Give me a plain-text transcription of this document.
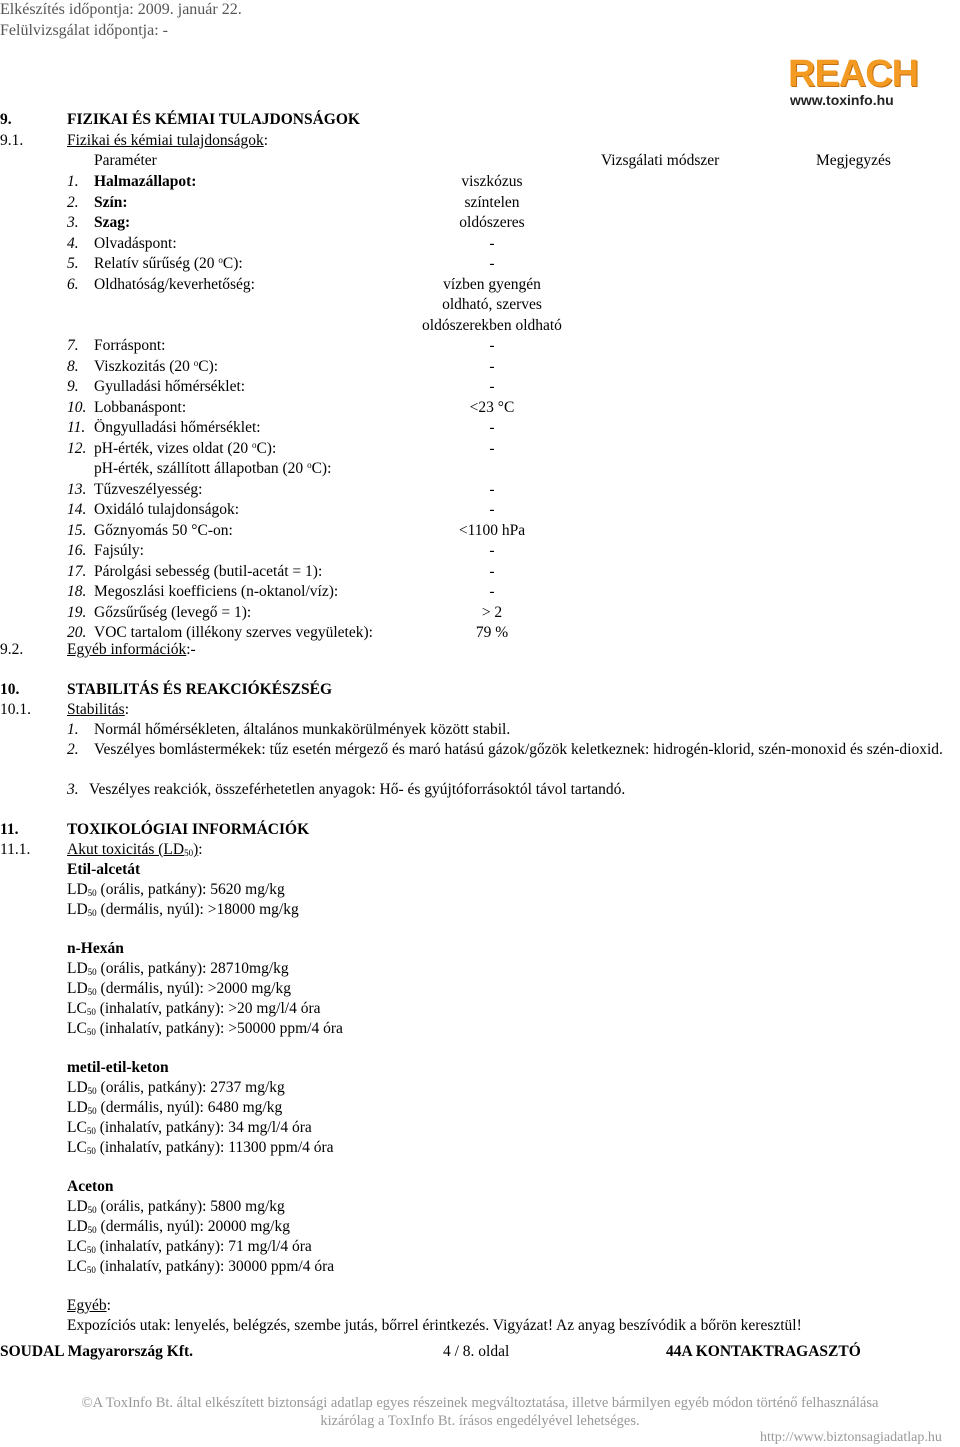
Elkészítés időpontja: 2009. január 22.
Felülvizsgálat időpontja: -
REACH
www.toxinfo.hu
9.	FIZIKAI ÉS KÉMIAI TULAJDONSÁGOK
9.1.	Fizikai és kémiai tulajdonságok:
Paraméter	Vizsgálati módszer	Megjegyzés
1. Halmazállapot:	viszkózus
2. Szín:	színtelen
3. Szag:	oldószeres
4. Olvadáspont:	-
5. Relatív sűrűség (20 $^o$C):	-
6. Oldhatóság/keverhetőség:	vízben gyengén
oldható, szerves
oldószerekben oldható
7. Forráspont:	-
8. Viszkozitás (20 $^o$C):	-
9. Gyulladási hőmérséklet:	-
10. Lobbanáspont:	<23 °C
11. Öngyulladási hőmérséklet:	-
12. pH-érték, vizes oldat (20 $^o$C):	-
pH-érték, szállított állapotban (20 $^o$C):
13. Tűzveszélyesség:	-
14. Oxidáló tulajdonságok:	-
15. Gőznyomás 50 °C-on:	<1100 hPa
16. Fajsúly:	-
17. Párolgási sebesség (butil-acetát = 1):	-
18. Megoszlási koefficiens (n-oktanol/víz):	-
19. Gőzsűrűség (levegő = 1):	> 2
20. VOC tartalom (illékony szerves vegyületek):	79 %
9.2.	Egyéb információk:-
10.	STABILITÁS ÉS REAKCIÓKÉSZSÉG
10.1. Stabilitás:
1. Normál hőmérsékleten, általános munkakörülmények között stabil.
2. Veszélyes bomlástermékek: tűz esetén mérgező és maró hatású gázok/gőzök keletkeznek: hidrogén-klorid, szén-monoxid és szén-dioxid.
3. Veszélyes reakciók, összeférhetetlen anyagok: Hő- és gyújtóforrásoktól távol tartandó.
11.	TOXIKOLÓGIAI INFORMÁCIÓK
11.1. Akut toxicitás $(LD_{50})$:
Etil-alcetát
$LD_{50}$ (orális, patkány): 5620 mg/kg
$LD_{50}$ (dermális, nyúl): >18000 mg/kg
n-Hexán
$LD_{50}$ (orális, patkány): 28710mg/kg
$LD_{50}$ (dermális, nyúl): >2000 mg/kg
$LC_{50}$ (inhalatív, patkány): >20 mg/l/4 óra
$LC_{50}$ (inhalatív, patkány): >50000 ppm/4 óra
metil-etil-keton
$LD_{50}$ (orális, patkány): 2737 mg/kg
$LD_{50}$ (dermális, nyúl): 6480 mg/kg
$LC_{50}$ (inhalatív, patkány): 34 mg/l/4 óra
$LC_{50}$ (inhalatív, patkány): 11300 ppm/4 óra
Aceton
$LD_{50}$ (orális, patkány): 5800 mg/kg
$LD_{50}$ (dermális, nyúl): 20000 mg/kg
$LC_{50}$ (inhalatív, patkány): 71 mg/l/4 óra
$LC_{50}$ (inhalatív, patkány): 30000 ppm/4 óra
Egyéb:
Expozíciós utak: lenyelés, belégzés, szembe jutás, bőrrel érintkezés. Vigyázat! Az anyag beszívódik a bőrön keresztül!
SOUDAL Magyarország Kft.	4 / 8. oldal	44A KONTAKTRAGASZTÓ
©A ToxInfo Bt. által elkészített biztonsági adatlap egyes részeinek megváltoztatása, illetve bármilyen egyéb módon történő felhasználása
kizárólag a ToxInfo Bt. írásos engedélyével lehetséges.
http://www.biztonsagiadatlap.hu
